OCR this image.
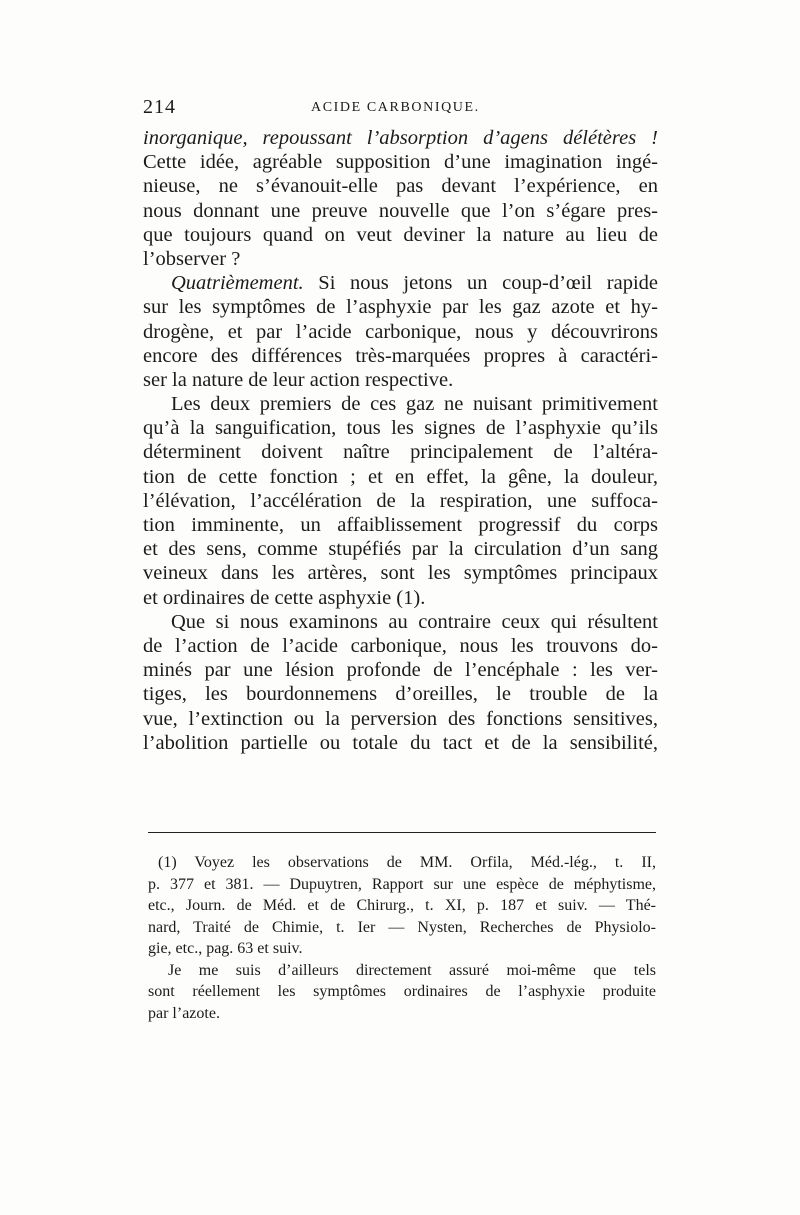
214	ACIDE CARBONIQUE.
inorganique, repoussant l’absorption d’agens délétères !
Cette idée, agréable supposition d’une imagination ingé-
nieuse, ne s’évanouit-elle pas devant l’expérience, en
nous donnant une preuve nouvelle que l’on s’égare pres-
que toujours quand on veut deviner la nature au lieu de
l’observer ?
Quatrièmement. Si nous jetons un coup-d’œil rapide
sur les symptômes de l’asphyxie par les gaz azote et hy-
drogène, et par l’acide carbonique, nous y découvrirons
encore des différences très-marquées propres à caractéri-
ser la nature de leur action respective.
Les deux premiers de ces gaz ne nuisant primitivement
qu’à la sanguification, tous les signes de l’asphyxie qu’ils
déterminent doivent naître principalement de l’altéra-
tion de cette fonction ; et en effet, la gêne, la douleur,
l’élévation, l’accélération de la respiration, une suffoca-
tion imminente, un affaiblissement progressif du corps
et des sens, comme stupéfiés par la circulation d’un sang
veineux dans les artères, sont les symptômes principaux
et ordinaires de cette asphyxie (1).
Que si nous examinons au contraire ceux qui résultent
de l’action de l’acide carbonique, nous les trouvons do-
minés par une lésion profonde de l’encéphale : les ver-
tiges, les bourdonnemens d’oreilles, le trouble de la
vue, l’extinction ou la perversion des fonctions sensitives,
l’abolition partielle ou totale du tact et de la sensibilité,
(1) Voyez les observations de MM. Orfila, Méd.-lég., t. II,
p. 377 et 381. — Dupuytren, Rapport sur une espèce de méphytisme,
etc., Journ. de Méd. et de Chirurg., t. XI, p. 187 et suiv. — Thé-
nard, Traité de Chimie, t. Ier — Nysten, Recherches de Physiolo-
gie, etc., pag. 63 et suiv.
Je me suis d’ailleurs directement assuré moi-même que tels
sont réellement les symptômes ordinaires de l’asphyxie produite
par l’azote.
